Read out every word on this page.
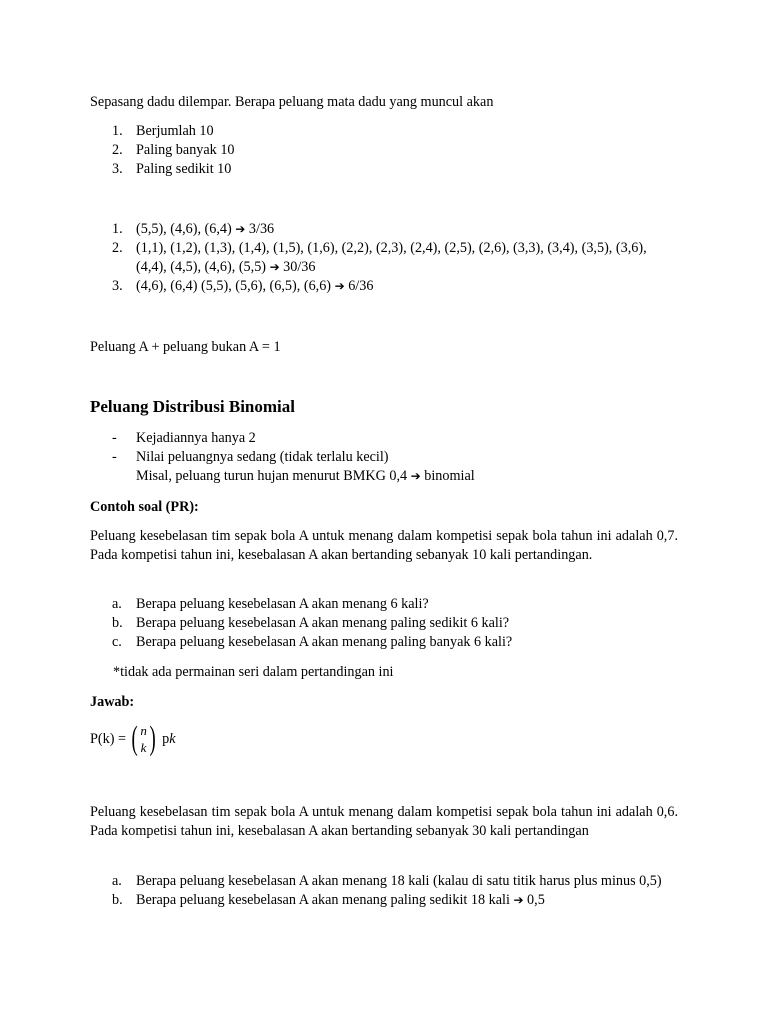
Sepasang dadu dilempar. Berapa peluang mata dadu yang muncul akan

1. Berjumlah 10
2. Paling banyak 10
3. Paling sedikit 10
1. (5,5), (4,6), (6,4) ➔ 3/36
2. (1,1), (1,2), (1,3), (1,4), (1,5), (1,6), (2,2), (2,3), (2,4), (2,5), (2,6), (3,3), (3,4), (3,5), (3,6), (4,4), (4,5), (4,6), (5,5) ➔ 30/36
3. (4,6), (6,4) (5,5), (5,6), (6,5), (6,6) ➔ 6/36

Peluang A + peluang bukan A = 1

Peluang Distribusi Binomial
- Kejadiannya hanya 2
- Nilai peluangnya sedang (tidak terlalu kecil)
Misal, peluang turun hujan menurut BMKG 0,4 ➔ binomial

Contoh soal (PR):

Peluang kesebelasan tim sepak bola A untuk menang dalam kompetisi sepak bola tahun ini adalah 0,7. Pada kompetisi tahun ini, kesebalasan A akan bertanding sebanyak 10 kali pertandingan.

a. Berapa peluang kesebelasan A akan menang 6 kali?
b. Berapa peluang kesebelasan A akan menang paling sedikit 6 kali?
c. Berapa peluang kesebelasan A akan menang paling banyak 6 kali?

*tidak ada permainan seri dalam pertandingan ini

Jawab:

P(k) = ( n
k ) p k

Peluang kesebelasan tim sepak bola A untuk menang dalam kompetisi sepak bola tahun ini adalah 0,6. Pada kompetisi tahun ini, kesebalasan A akan bertanding sebanyak 30 kali pertandingan

a. Berapa peluang kesebelasan A akan menang 18 kali (kalau di satu titik harus plus minus 0,5)
b. Berapa peluang kesebelasan A akan menang paling sedikit 18 kali ➔ 0,5
